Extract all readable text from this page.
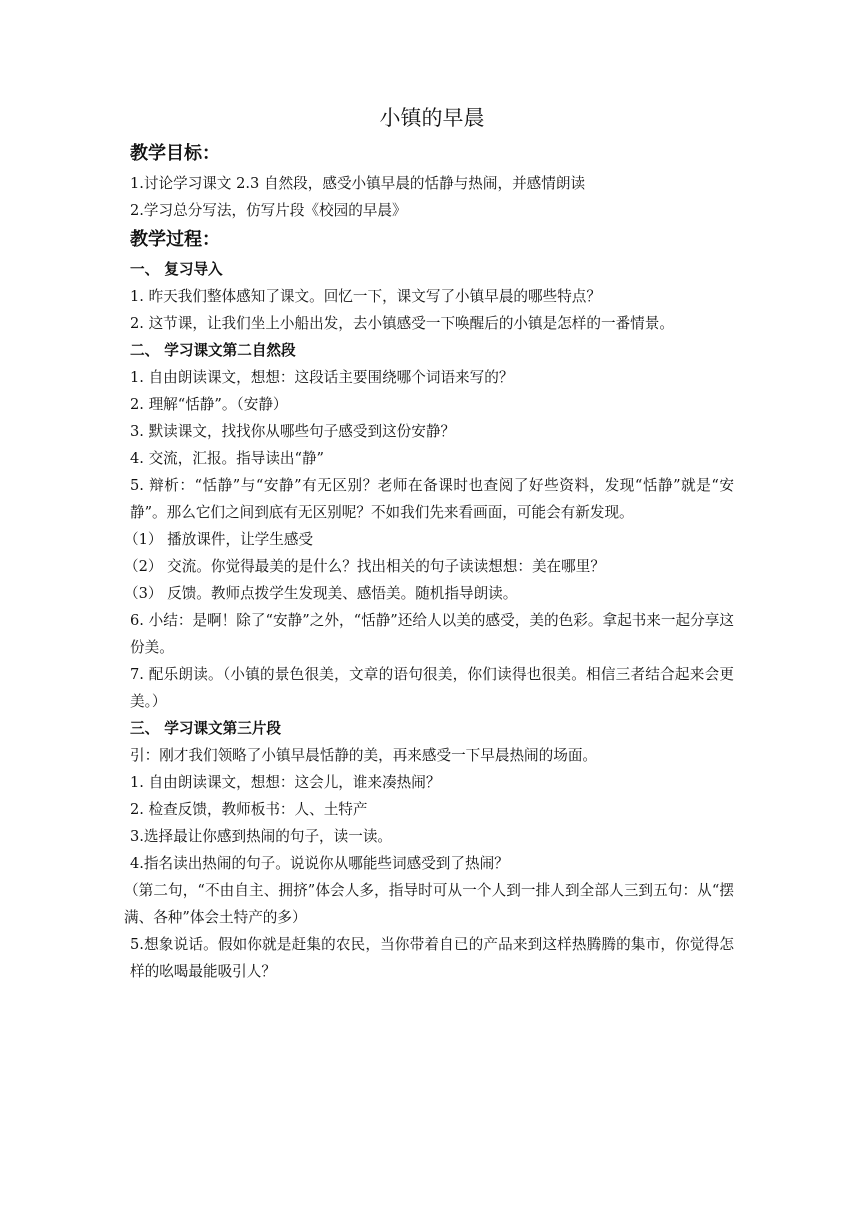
小镇的早晨

教学目标：

1.讨论学习课文 2.3 自然段，感受小镇早晨的恬静与热闹，并感情朗读

2.学习总分写法，仿写片段《校园的早晨》

教学过程：

一、 复习导入

1. 昨天我们整体感知了课文。回忆一下，课文写了小镇早晨的哪些特点？

2. 这节课，让我们坐上小船出发，去小镇感受一下唤醒后的小镇是怎样的一番情景。

二、 学习课文第二自然段

1. 自由朗读课文，想想：这段话主要围绕哪个词语来写的？

2. 理解“恬静”。（安静）

3. 默读课文，找找你从哪些句子感受到这份安静？

4. 交流，汇报。指导读出“静”

5. 辩析：“恬静”与“安静”有无区别？老师在备课时也查阅了好些资料，发现“恬静”就是“安静”。那么它们之间到底有无区别呢？不如我们先来看画面，可能会有新发现。

（1） 播放课件，让学生感受

（2） 交流。你觉得最美的是什么？找出相关的句子读读想想：美在哪里？

（3） 反馈。教师点拨学生发现美、感悟美。随机指导朗读。

6. 小结：是啊！除了“安静”之外，“恬静”还给人以美的感受，美的色彩。拿起书来一起分享这份美。

7. 配乐朗读。（小镇的景色很美，文章的语句很美，你们读得也很美。相信三者结合起来会更美。）

三、 学习课文第三片段

引：刚才我们领略了小镇早晨恬静的美，再来感受一下早晨热闹的场面。

1. 自由朗读课文，想想：这会儿，谁来凑热闹？

2. 检查反馈，教师板书：人、土特产

3.选择最让你感到热闹的句子，读一读。

4.指名读出热闹的句子。说说你从哪能些词感受到了热闹？

（第二句，“不由自主、拥挤”体会人多，指导时可从一个人到一排人到全部人三到五句：从“摆满、各种”体会土特产的多）

5.想象说话。假如你就是赶集的农民，当你带着自已的产品来到这样热腾腾的集市，你觉得怎样的吆喝最能吸引人？
